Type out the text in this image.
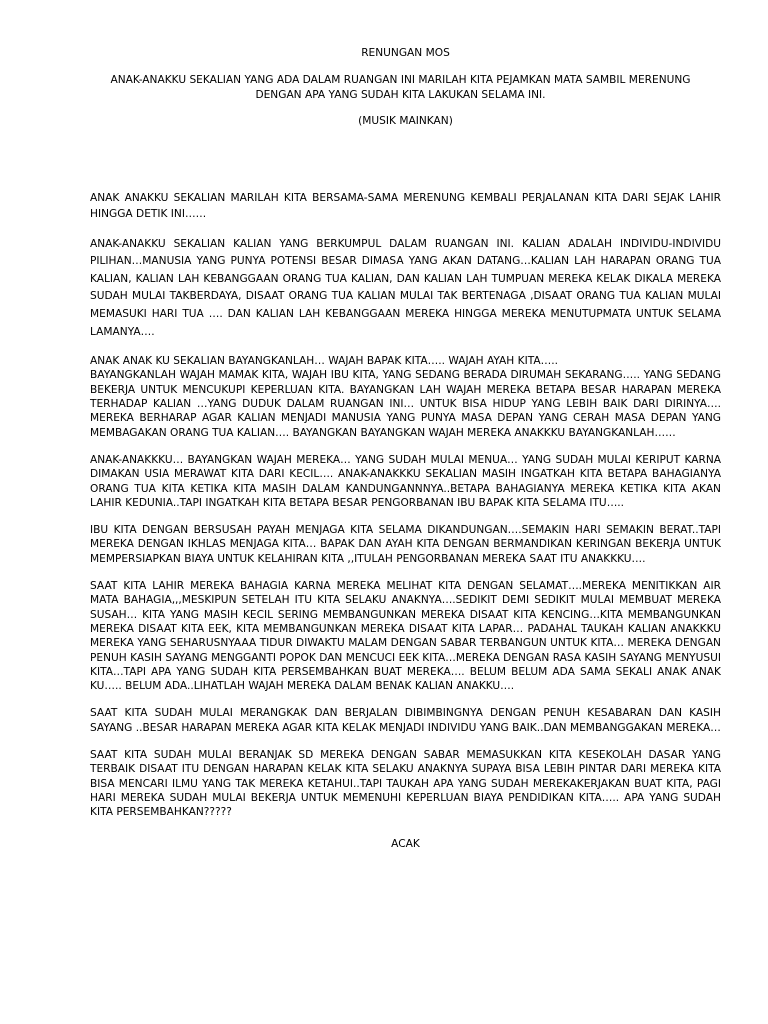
RENUNGAN MOS

ANAK-ANAKKU SEKALIAN YANG ADA DALAM RUANGAN INI MARILAH KITA PEJAMKAN MATA SAMBIL MERENUNG DENGAN APA YANG SUDAH KITA LAKUKAN SELAMA INI.

(MUSIK MAINKAN)

ANAK ANAKKU SEKALIAN MARILAH KITA BERSAMA-SAMA MERENUNG KEMBALI PERJALANAN KITA DARI SEJAK LAHIR HINGGA DETIK INI……

ANAK-ANAKKU SEKALIAN KALIAN YANG BERKUMPUL DALAM RUANGAN INI. KALIAN ADALAH INDIVIDU-INDIVIDU PILIHAN…MANUSIA YANG PUNYA POTENSI BESAR DIMASA YANG AKAN DATANG…KALIAN LAH HARAPAN ORANG TUA KALIAN, KALIAN LAH KEBANGGAAN ORANG TUA KALIAN, DAN KALIAN LAH TUMPUAN MEREKA KELAK DIKALA MEREKA SUDAH MULAI TAKBERDAYA, DISAAT ORANG TUA KALIAN MULAI TAK BERTENAGA ,DISAAT ORANG TUA KALIAN MULAI MEMASUKI HARI TUA …. DAN KALIAN LAH KEBANGGAAN MEREKA HINGGA MEREKA MENUTUPMATA UNTUK SELAMA LAMANYA….

ANAK ANAK KU SEKALIAN BAYANGKANLAH… WAJAH BAPAK KITA….. WAJAH AYAH KITA…..
BAYANGKANLAH WAJAH MAMAK KITA, WAJAH IBU KITA, YANG SEDANG BERADA DIRUMAH SEKARANG….. YANG SEDANG BEKERJA UNTUK MENCUKUPI KEPERLUAN KITA. BAYANGKAN LAH WAJAH MEREKA BETAPA BESAR HARAPAN MEREKA TERHADAP KALIAN …YANG DUDUK DALAM RUANGAN INI… UNTUK BISA HIDUP YANG LEBIH BAIK DARI DIRINYA…. MEREKA BERHARAP AGAR KALIAN MENJADI MANUSIA YANG PUNYA MASA DEPAN YANG CERAH MASA DEPAN YANG MEMBAGAKAN ORANG TUA KALIAN…. BAYANGKAN BAYANGKAN WAJAH MEREKA ANAKKKU BAYANGKANLAH……

ANAK-ANAKKKU… BAYANGKAN WAJAH MEREKA… YANG SUDAH MULAI MENUA… YANG SUDAH MULAI KERIPUT KARNA DIMAKAN USIA MERAWAT KITA DARI KECIL…. ANAK-ANAKKKU SEKALIAN MASIH INGATKAH KITA BETAPA BAHAGIANYA ORANG TUA KITA KETIKA KITA MASIH DALAM KANDUNGANNNYA..BETAPA BAHAGIANYA MEREKA KETIKA KITA AKAN LAHIR KEDUNIA..TAPI INGATKAH KITA BETAPA BESAR PENGORBANAN IBU BAPAK KITA SELAMA ITU…..

IBU KITA DENGAN BERSUSAH PAYAH MENJAGA KITA SELAMA DIKANDUNGAN….SEMAKIN HARI SEMAKIN BERAT..TAPI MEREKA DENGAN IKHLAS MENJAGA KITA… BAPAK DAN AYAH KITA DENGAN BERMANDIKAN KERINGAN BEKERJA UNTUK MEMPERSIAPKAN BIAYA UNTUK KELAHIRAN KITA ,,ITULAH PENGORBANAN MEREKA SAAT ITU ANAKKKU….

SAAT KITA LAHIR MEREKA BAHAGIA KARNA MEREKA MELIHAT KITA DENGAN SELAMAT….MEREKA MENITIKKAN AIR MATA BAHAGIA,,,MESKIPUN SETELAH ITU KITA SELAKU ANAKNYA….SEDIKIT DEMI SEDIKIT MULAI MEMBUAT MEREKA SUSAH… KITA YANG MASIH KECIL SERING MEMBANGUNKAN MEREKA DISAAT KITA KENCING…KITA MEMBANGUNKAN MEREKA DISAAT KITA EEK, KITA MEMBANGUNKAN MEREKA DISAAT KITA LAPAR… PADAHAL TAUKAH KALIAN ANAKKKU MEREKA YANG SEHARUSNYAAA TIDUR DIWAKTU MALAM DENGAN SABAR TERBANGUN UNTUK KITA… MEREKA DENGAN PENUH KASIH SAYANG MENGGANTI POPOK DAN MENCUCI EEK KITA…MEREKA DENGAN RASA KASIH SAYANG MENYUSUI KITA…TAPI APA YANG SUDAH KITA PERSEMBAHKAN BUAT MEREKA…. BELUM BELUM ADA SAMA SEKALI ANAK ANAK KU….. BELUM ADA..LIHATLAH WAJAH MEREKA DALAM BENAK KALIAN ANAKKU….

SAAT KITA SUDAH MULAI MERANGKAK DAN BERJALAN DIBIMBINGNYA DENGAN PENUH KESABARAN DAN KASIH SAYANG ..BESAR HARAPAN MEREKA AGAR KITA KELAK MENJADI INDIVIDU YANG BAIK..DAN MEMBANGGAKAN MEREKA…

SAAT KITA SUDAH MULAI BERANJAK SD MEREKA DENGAN SABAR MEMASUKKAN KITA KESEKOLAH DASAR YANG TERBAIK DISAAT ITU DENGAN HARAPAN KELAK KITA SELAKU ANAKNYA SUPAYA BISA LEBIH PINTAR DARI MEREKA KITA BISA MENCARI ILMU YANG TAK MEREKA KETAHUI..TAPI TAUKAH APA YANG SUDAH MEREKAKERJAKAN BUAT KITA, PAGI HARI MEREKA SUDAH MULAI BEKERJA UNTUK MEMENUHI KEPERLUAN BIAYA PENDIDIKAN KITA….. APA YANG SUDAH KITA PERSEMBAHKAN?????

ACAK
